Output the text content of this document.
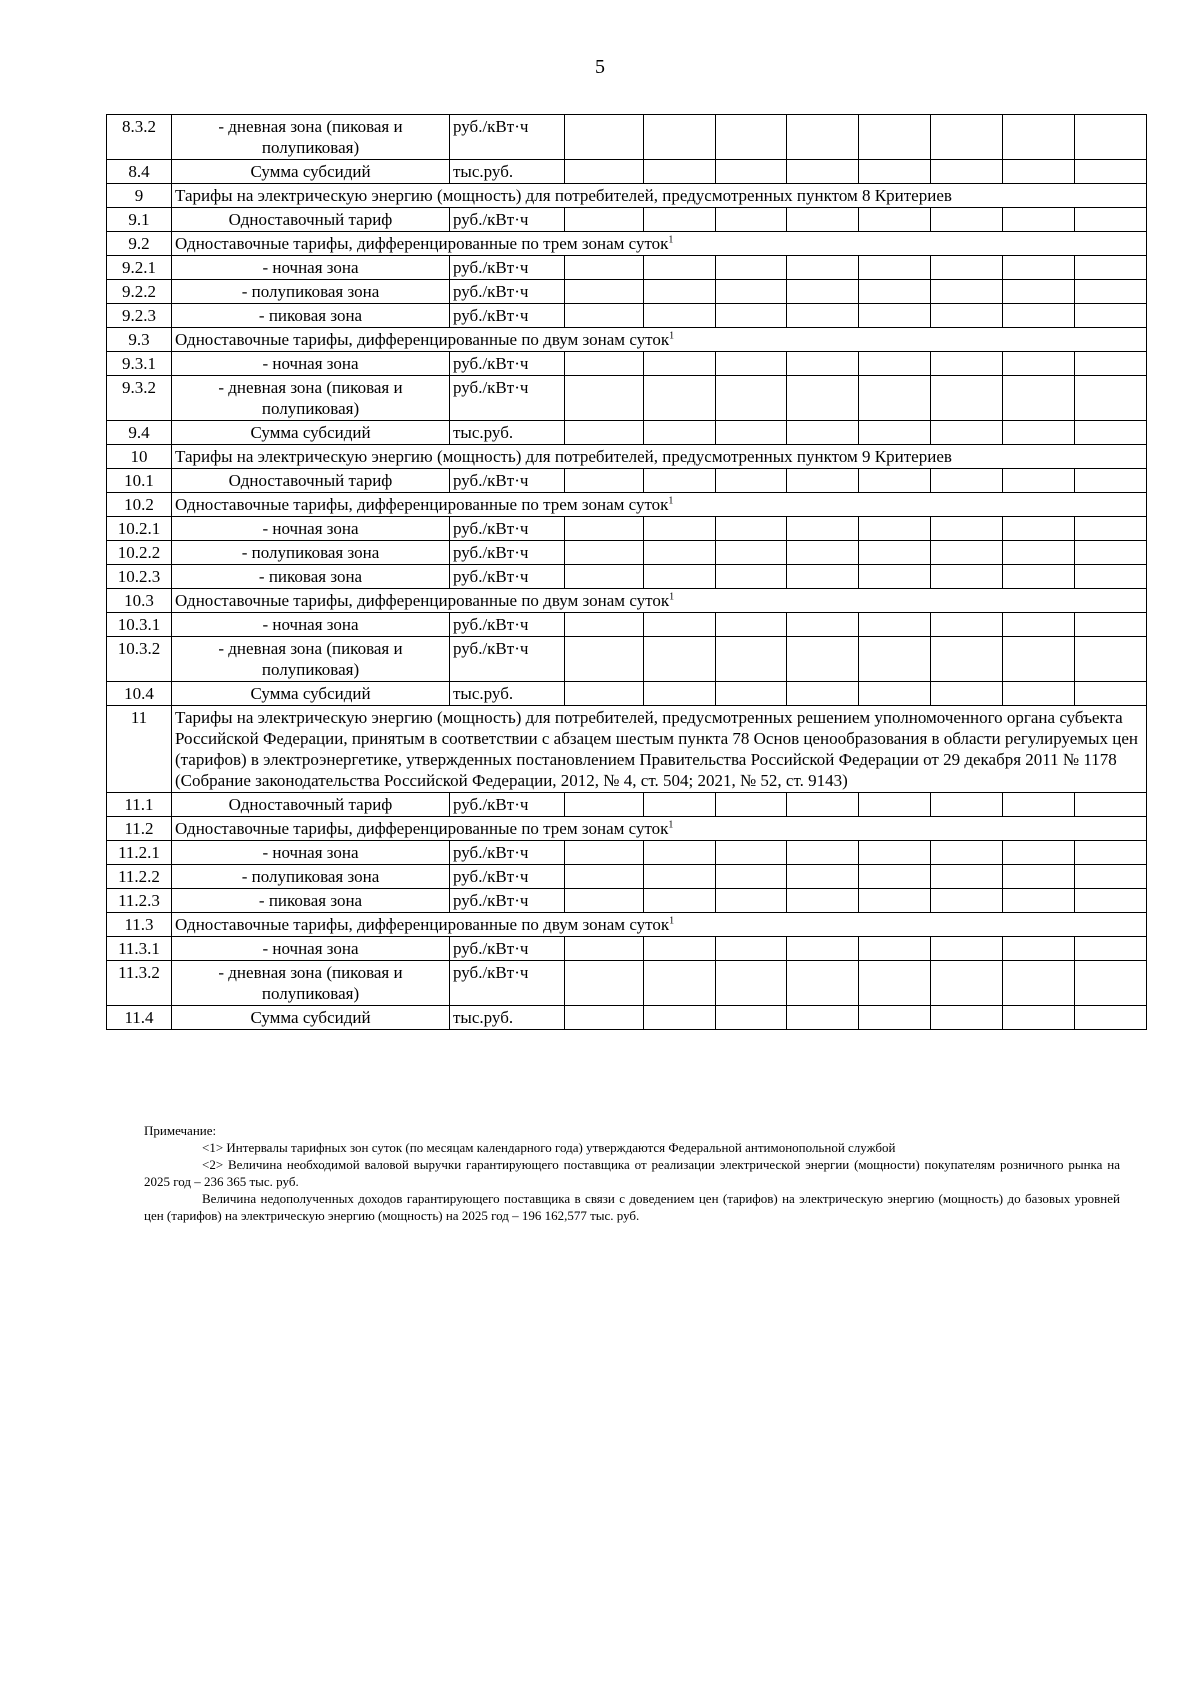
5
8.3.2	- дневная зона (пиковая и полупиковая)	руб./кВт·ч								
8.4	Сумма субсидий	тыс.руб.								
9	Тарифы на электрическую энергию (мощность) для потребителей, предусмотренных пунктом 8 Критериев									
9.1	Одноставочный тариф	руб./кВт·ч								
9.2	Одноставочные тарифы, дифференцированные по трем зонам суток$^1$
9.2.1	- ночная зона	руб./кВт·ч								
9.2.2	- полупиковая зона	руб./кВт·ч								
9.2.3	- пиковая зона	руб./кВт·ч								
9.3	Одноставочные тарифы, дифференцированные по двум зонам суток$^1$
9.3.1	- ночная зона	руб./кВт·ч								
9.3.2	- дневная зона (пиковая и полупиковая)	руб./кВт·ч								
9.4	Сумма субсидий	тыс.руб.								
10	Тарифы на электрическую энергию (мощность) для потребителей, предусмотренных пунктом 9 Критериев									
10.1	Одноставочный тариф	руб./кВт·ч								
10.2	Одноставочные тарифы, дифференцированные по трем зонам суток$^1$
10.2.1	- ночная зона	руб./кВт·ч								
10.2.2	- полупиковая зона	руб./кВт·ч								
10.2.3	- пиковая зона	руб./кВт·ч								
10.3	Одноставочные тарифы, дифференцированные по двум зонам суток$^1$
10.3.1	- ночная зона	руб./кВт·ч								
10.3.2	- дневная зона (пиковая и полупиковая)	руб./кВт·ч								
10.4	Сумма субсидий	тыс.руб.								
11	Тарифы на электрическую энергию (мощность) для потребителей, предусмотренных решением уполномоченного органа субъекта Российской Федерации, принятым в соответствии с абзацем шестым пункта 78 Основ ценообразования в области регулируемых цен (тарифов) в электроэнергетике, утвержденных постановлением Правительства Российской Федерации от 29 декабря 2011 № 1178 (Собрание законодательства Российской Федерации, 2012, № 4, ст. 504; 2021, № 52, ст. 9143)									
11.1	Одноставочный тариф	руб./кВт·ч								
11.2	Одноставочные тарифы, дифференцированные по трем зонам суток$^1$
11.2.1	- ночная зона	руб./кВт·ч								
11.2.2	- полупиковая зона	руб./кВт·ч								
11.2.3	- пиковая зона	руб./кВт·ч								
11.3	Одноставочные тарифы, дифференцированные по двум зонам суток$^1$
11.3.1	- ночная зона	руб./кВт·ч								
11.3.2	- дневная зона (пиковая и полупиковая)	руб./кВт·ч								
11.4	Сумма субсидий	тыс.руб.								
Примечание:
<1> Интервалы тарифных зон суток (по месяцам календарного года) утверждаются Федеральной антимонопольной службой
<2> Величина необходимой валовой выручки гарантирующего поставщика от реализации электрической энергии (мощности) покупателям розничного рынка на 2025 год – 236 365 тыс. руб.
Величина недополученных доходов гарантирующего поставщика в связи с доведением цен (тарифов) на электрическую энергию (мощность) до базовых уровней цен (тарифов) на электрическую энергию (мощность) на 2025 год – 196 162,577 тыс. руб.
